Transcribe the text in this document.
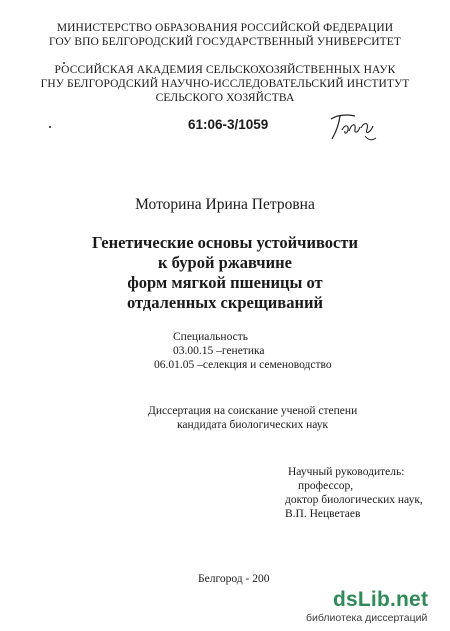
МИНИСТЕРСТВО ОБРАЗОВАНИЯ РОССИЙСКОЙ ФЕДЕРАЦИИ
ГОУ ВПО БЕЛГОРОДСКИЙ ГОСУДАРСТВЕННЫЙ УНИВЕРСИТЕТ
РОССИЙСКАЯ АКАДЕМИЯ СЕЛЬСКОХОЗЯЙСТВЕННЫХ НАУК
ГНУ БЕЛГОРОДСКИЙ НАУЧНО-ИССЛЕДОВАТЕЛЬСКИЙ ИНСТИТУТ
СЕЛЬСКОГО ХОЗЯЙСТВА
61:06-3/1059
Моторина Ирина Петровна
Генетические основы устойчивости
к бурой ржавчине
форм мягкой пшеницы от
отдаленных скрещиваний
Специальность
03.00.15 –генетика
06.01.05 –селекция и семеноводство
Диссертация на соискание ученой степени
кандидата биологических наук
Научный руководитель:
профессор,
доктор биологических наук,
В.П. Нецветаев
Белгород - 200
dsLib.net
библиотека диссертаций
